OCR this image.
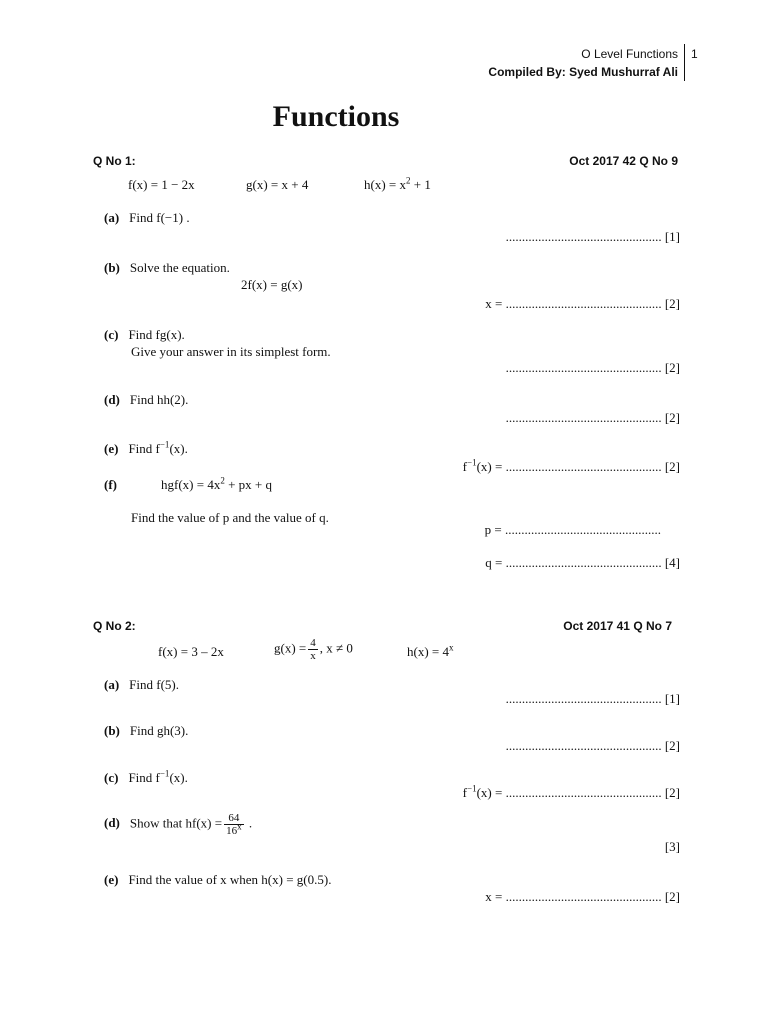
O Level Functions
Compiled By: Syed Mushurraf Ali
1
Functions
Q No 1:	Oct 2017 42 Q No 9
f(x) = 1 − 2x	g(x) = x + 4	$h(x) = x^2 + 1$
(a) Find f(−1) .
................................................ [1]
(b) Solve the equation.
2f(x) = g(x)
x = ................................................ [2]
(c) Find fg(x).
Give your answer in its simplest form.
................................................ [2]
(d) Find hh(2).
................................................ [2]
(e) Find $f^{-1}(x)$.
$f^{-1}(x)$ = ................................................ [2]
(f)	$hgf(x) = 4x^2$ + px + q
Find the value of p and the value of q.
p = ................................................
q = ................................................ [4]
Q No 2:	Oct 2017 41 Q No 7
f(x) = 3 – 2x	$g(x) = \frac{4}{x}$ , x ≠ 0	$h(x) = 4^x$
(a) Find f(5).
................................................ [1]
(b) Find gh(3).
................................................ [2]
(c) Find $f^{-1}(x)$.
$f^{-1}(x)$ = ................................................ [2]
(d) Show that $hf(x) = \frac{64}{16^x}$ .
[3]
(e) Find the value of x when h(x) = g(0.5).
x = ................................................ [2]
